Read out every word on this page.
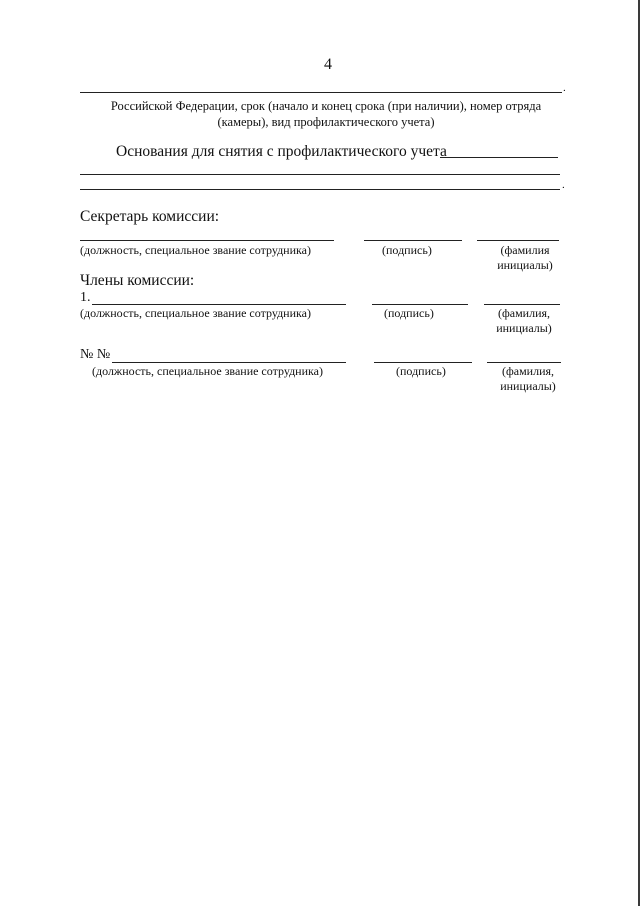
4
.
Российской Федерации, срок (начало и конец срока (при наличии), номер отряда (камеры), вид профилактического учета)
Основания для снятия с профилактического учета
.
Секретарь комиссии:
(должность, специальное звание сотрудника)	(подпись)	(фамилия инициалы)
Члены комиссии:
1.
(должность, специальное звание сотрудника)	(подпись)	(фамилия, инициалы)
№ №
(должность, специальное звание сотрудника)	(подпись)	(фамилия, инициалы)
